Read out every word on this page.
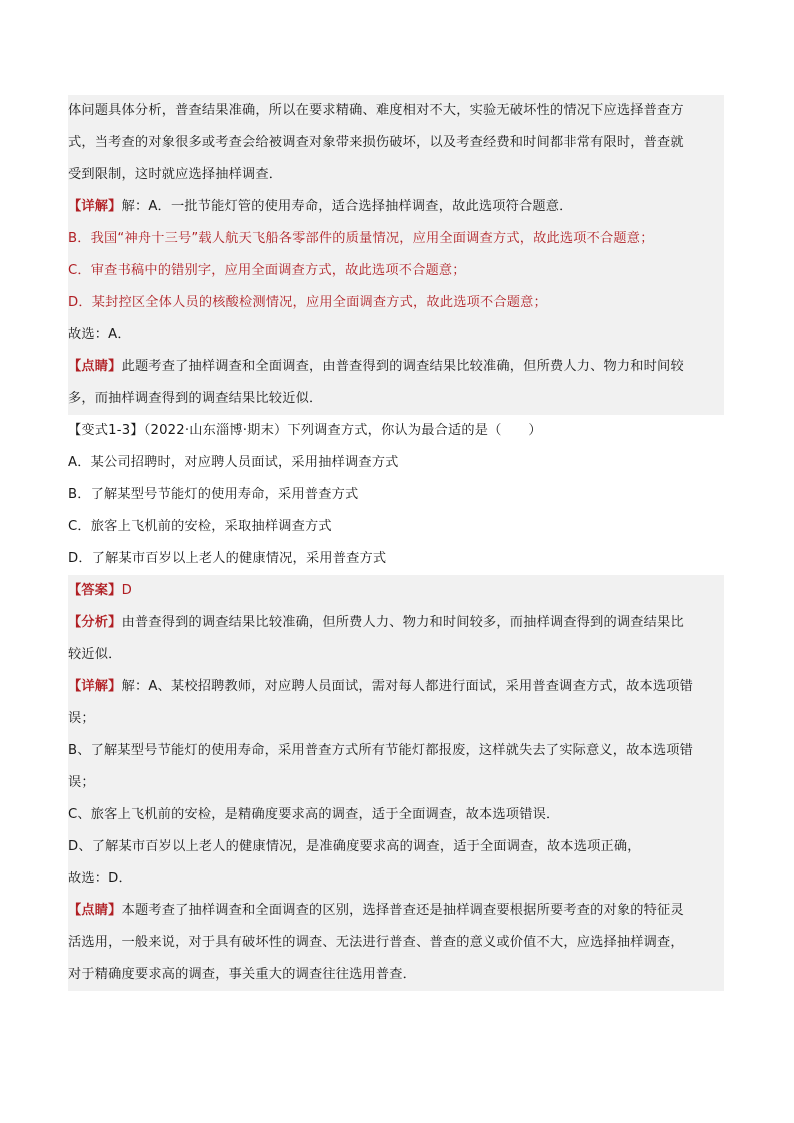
体问题具体分析，普查结果准确，所以在要求精确、难度相对不大，实验无破坏性的情况下应选择普查方
式，当考查的对象很多或考查会给被调查对象带来损伤破坏，以及考查经费和时间都非常有限时，普查就
受到限制，这时就应选择抽样调查．
【详解】解：A．一批节能灯管的使用寿命，适合选择抽样调查，故此选项符合题意．
B．我国“神舟十三号”载人航天飞船各零部件的质量情况，应用全面调查方式，故此选项不合题意；
C．审查书稿中的错别字，应用全面调查方式，故此选项不合题意；
D．某封控区全体人员的核酸检测情况，应用全面调查方式，故此选项不合题意；
故选：A．
【点睛】此题考查了抽样调查和全面调查，由普查得到的调查结果比较准确，但所费人力、物力和时间较
多，而抽样调查得到的调查结果比较近似．
【变式1-3】（2022·山东淄博·期末）下列调查方式，你认为最合适的是（　　）
A．某公司招聘时，对应聘人员面试，采用抽样调查方式
B．了解某型号节能灯的使用寿命，采用普查方式
C．旅客上飞机前的安检，采取抽样调查方式
D．了解某市百岁以上老人的健康情况，采用普查方式
【答案】D
【分析】由普查得到的调查结果比较准确，但所费人力、物力和时间较多，而抽样调查得到的调查结果比
较近似．
【详解】解：A、某校招聘教师，对应聘人员面试，需对每人都进行面试，采用普查调查方式，故本选项错
误；
B、了解某型号节能灯的使用寿命，采用普查方式所有节能灯都报废，这样就失去了实际意义，故本选项错
误；
C、旅客上飞机前的安检，是精确度要求高的调查，适于全面调查，故本选项错误．
D、了解某市百岁以上老人的健康情况，是准确度要求高的调查，适于全面调查，故本选项正确，
故选：D．
【点睛】本题考查了抽样调查和全面调查的区别，选择普查还是抽样调查要根据所要考查的对象的特征灵
活选用，一般来说，对于具有破坏性的调查、无法进行普查、普查的意义或价值不大，应选择抽样调查，
对于精确度要求高的调查，事关重大的调查往往选用普查．
